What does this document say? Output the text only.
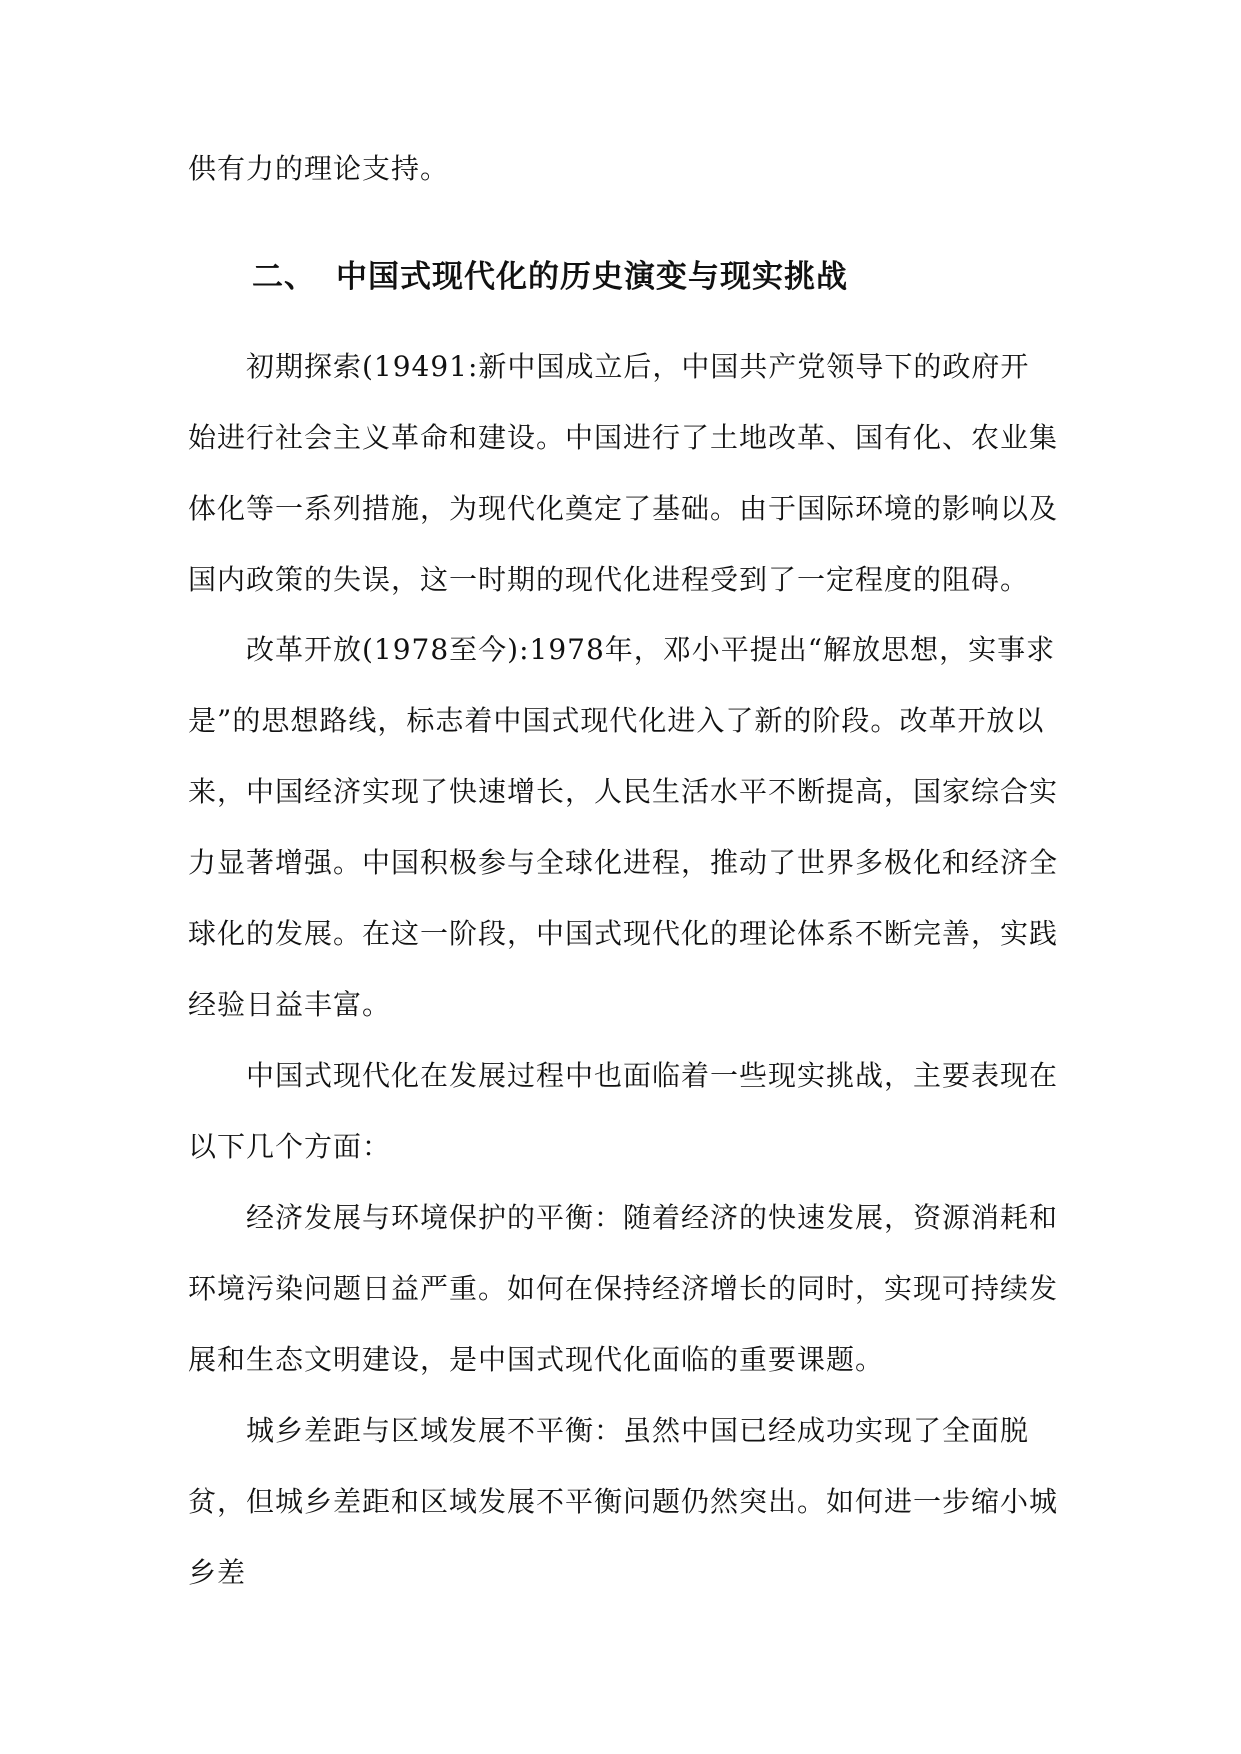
供有力的理论支持。

二、 中国式现代化的历史演变与现实挑战

初期探索(19491:新中国成立后，中国共产党领导下的政府开始进行社会主义革命和建设。中国进行了土地改革、国有化、农业集体化等一系列措施，为现代化奠定了基础。由于国际环境的影响以及国内政策的失误，这一时期的现代化进程受到了一定程度的阻碍。

改革开放(1978至今):1978年，邓小平提出“解放思想，实事求是”的思想路线，标志着中国式现代化进入了新的阶段。改革开放以来，中国经济实现了快速增长，人民生活水平不断提高，国家综合实力显著增强。中国积极参与全球化进程，推动了世界多极化和经济全球化的发展。在这一阶段，中国式现代化的理论体系不断完善，实践经验日益丰富。

中国式现代化在发展过程中也面临着一些现实挑战，主要表现在以下几个方面：

经济发展与环境保护的平衡：随着经济的快速发展，资源消耗和环境污染问题日益严重。如何在保持经济增长的同时，实现可持续发展和生态文明建设，是中国式现代化面临的重要课题。

城乡差距与区域发展不平衡：虽然中国已经成功实现了全面脱贫，但城乡差距和区域发展不平衡问题仍然突出。如何进一步缩小城乡差
